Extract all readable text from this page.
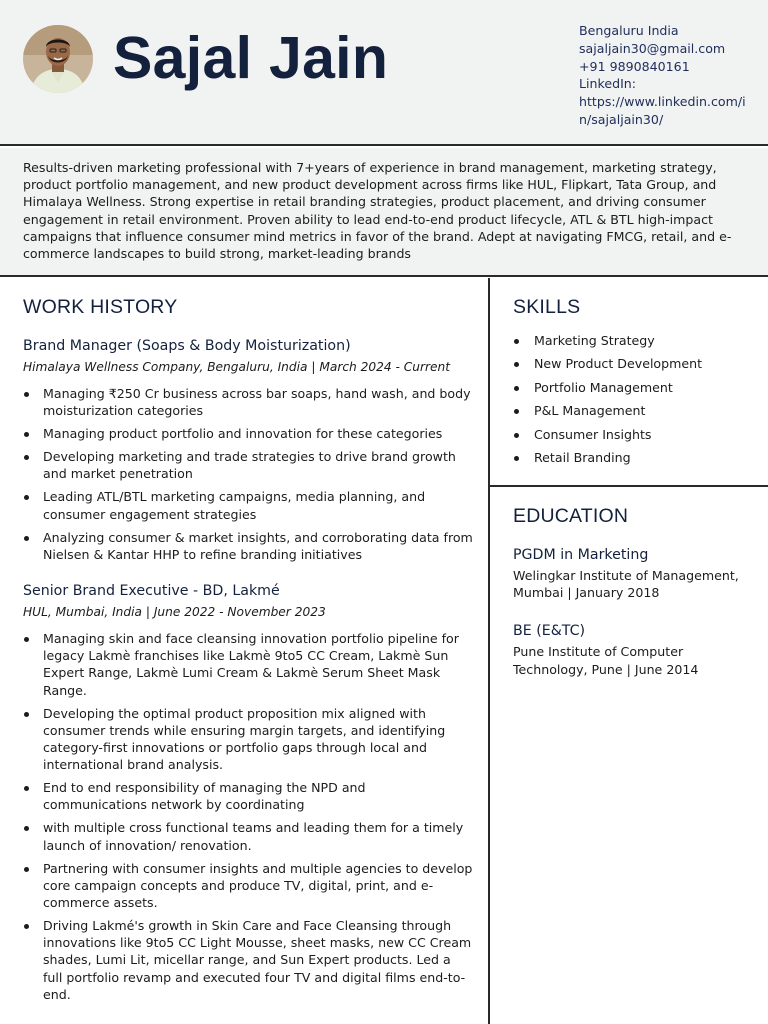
Sajal Jain	Bengaluru India
sajaljain30@gmail.com
+91 9890840161
LinkedIn:
https://www.linkedin.com/in/sajaljain30/
Results-driven marketing professional with 7+years of experience in brand management, marketing strategy, product portfolio management, and new product development across firms like HUL, Flipkart, Tata Group, and Himalaya Wellness. Strong expertise in retail branding strategies, product placement, and driving consumer engagement in retail environment. Proven ability to lead end-to-end product lifecycle, ATL & BTL high-impact campaigns that influence consumer mind metrics in favor of the brand. Adept at navigating FMCG, retail, and e-commerce landscapes to build strong, market-leading brands
WORK HISTORY
Brand Manager (Soaps & Body Moisturization)
Himalaya Wellness Company, Bengaluru, India | March 2024 - Current
Managing ₹250 Cr business across bar soaps, hand wash, and body moisturization categories
Managing product portfolio and innovation for these categories
Developing marketing and trade strategies to drive brand growth and market penetration
Leading ATL/BTL marketing campaigns, media planning, and consumer engagement strategies
Analyzing consumer & market insights, and corroborating data from Nielsen & Kantar HHP to refine branding initiatives
Senior Brand Executive - BD, Lakmé
HUL, Mumbai, India | June 2022 - November 2023
Managing skin and face cleansing innovation portfolio pipeline for legacy Lakmè franchises like Lakmè 9to5 CC Cream, Lakmè Sun Expert Range, Lakmè Lumi Cream & Lakmè Serum Sheet Mask Range.
Developing the optimal product proposition mix aligned with consumer trends while ensuring margin targets, and identifying category-first innovations or portfolio gaps through local and international brand analysis.
End to end responsibility of managing the NPD and communications network by coordinating
with multiple cross functional teams and leading them for a timely launch of innovation/ renovation.
Partnering with consumer insights and multiple agencies to develop core campaign concepts and produce TV, digital, print, and e-commerce assets.
Driving Lakmé's growth in Skin Care and Face Cleansing through innovations like 9to5 CC Light Mousse, sheet masks, new CC Cream shades, Lumi Lit, micellar range, and Sun Expert products. Led a full portfolio revamp and executed four TV and digital films end-to-end.
SKILLS
Marketing Strategy
New Product Development
Portfolio Management
P&L Management
Consumer Insights
Retail Branding
EDUCATION
PGDM in Marketing
Welingkar Institute of Management, Mumbai | January 2018
BE (E&TC)
Pune Institute of Computer Technology, Pune | June 2014
